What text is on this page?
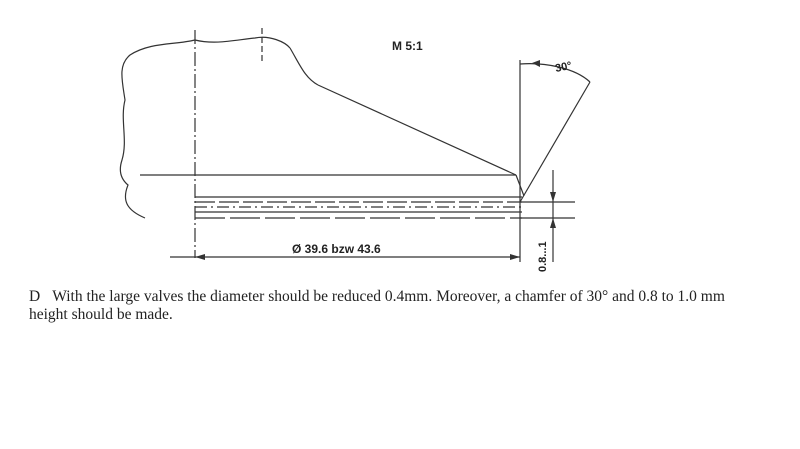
M 5:1
30°
Ø 39.6 bzw 43.6	0.8...1
D With the large valves the diameter should be reduced 0.4mm. Moreover, a chamfer of 30° and 0.8 to 1.0 mm height should be made.
